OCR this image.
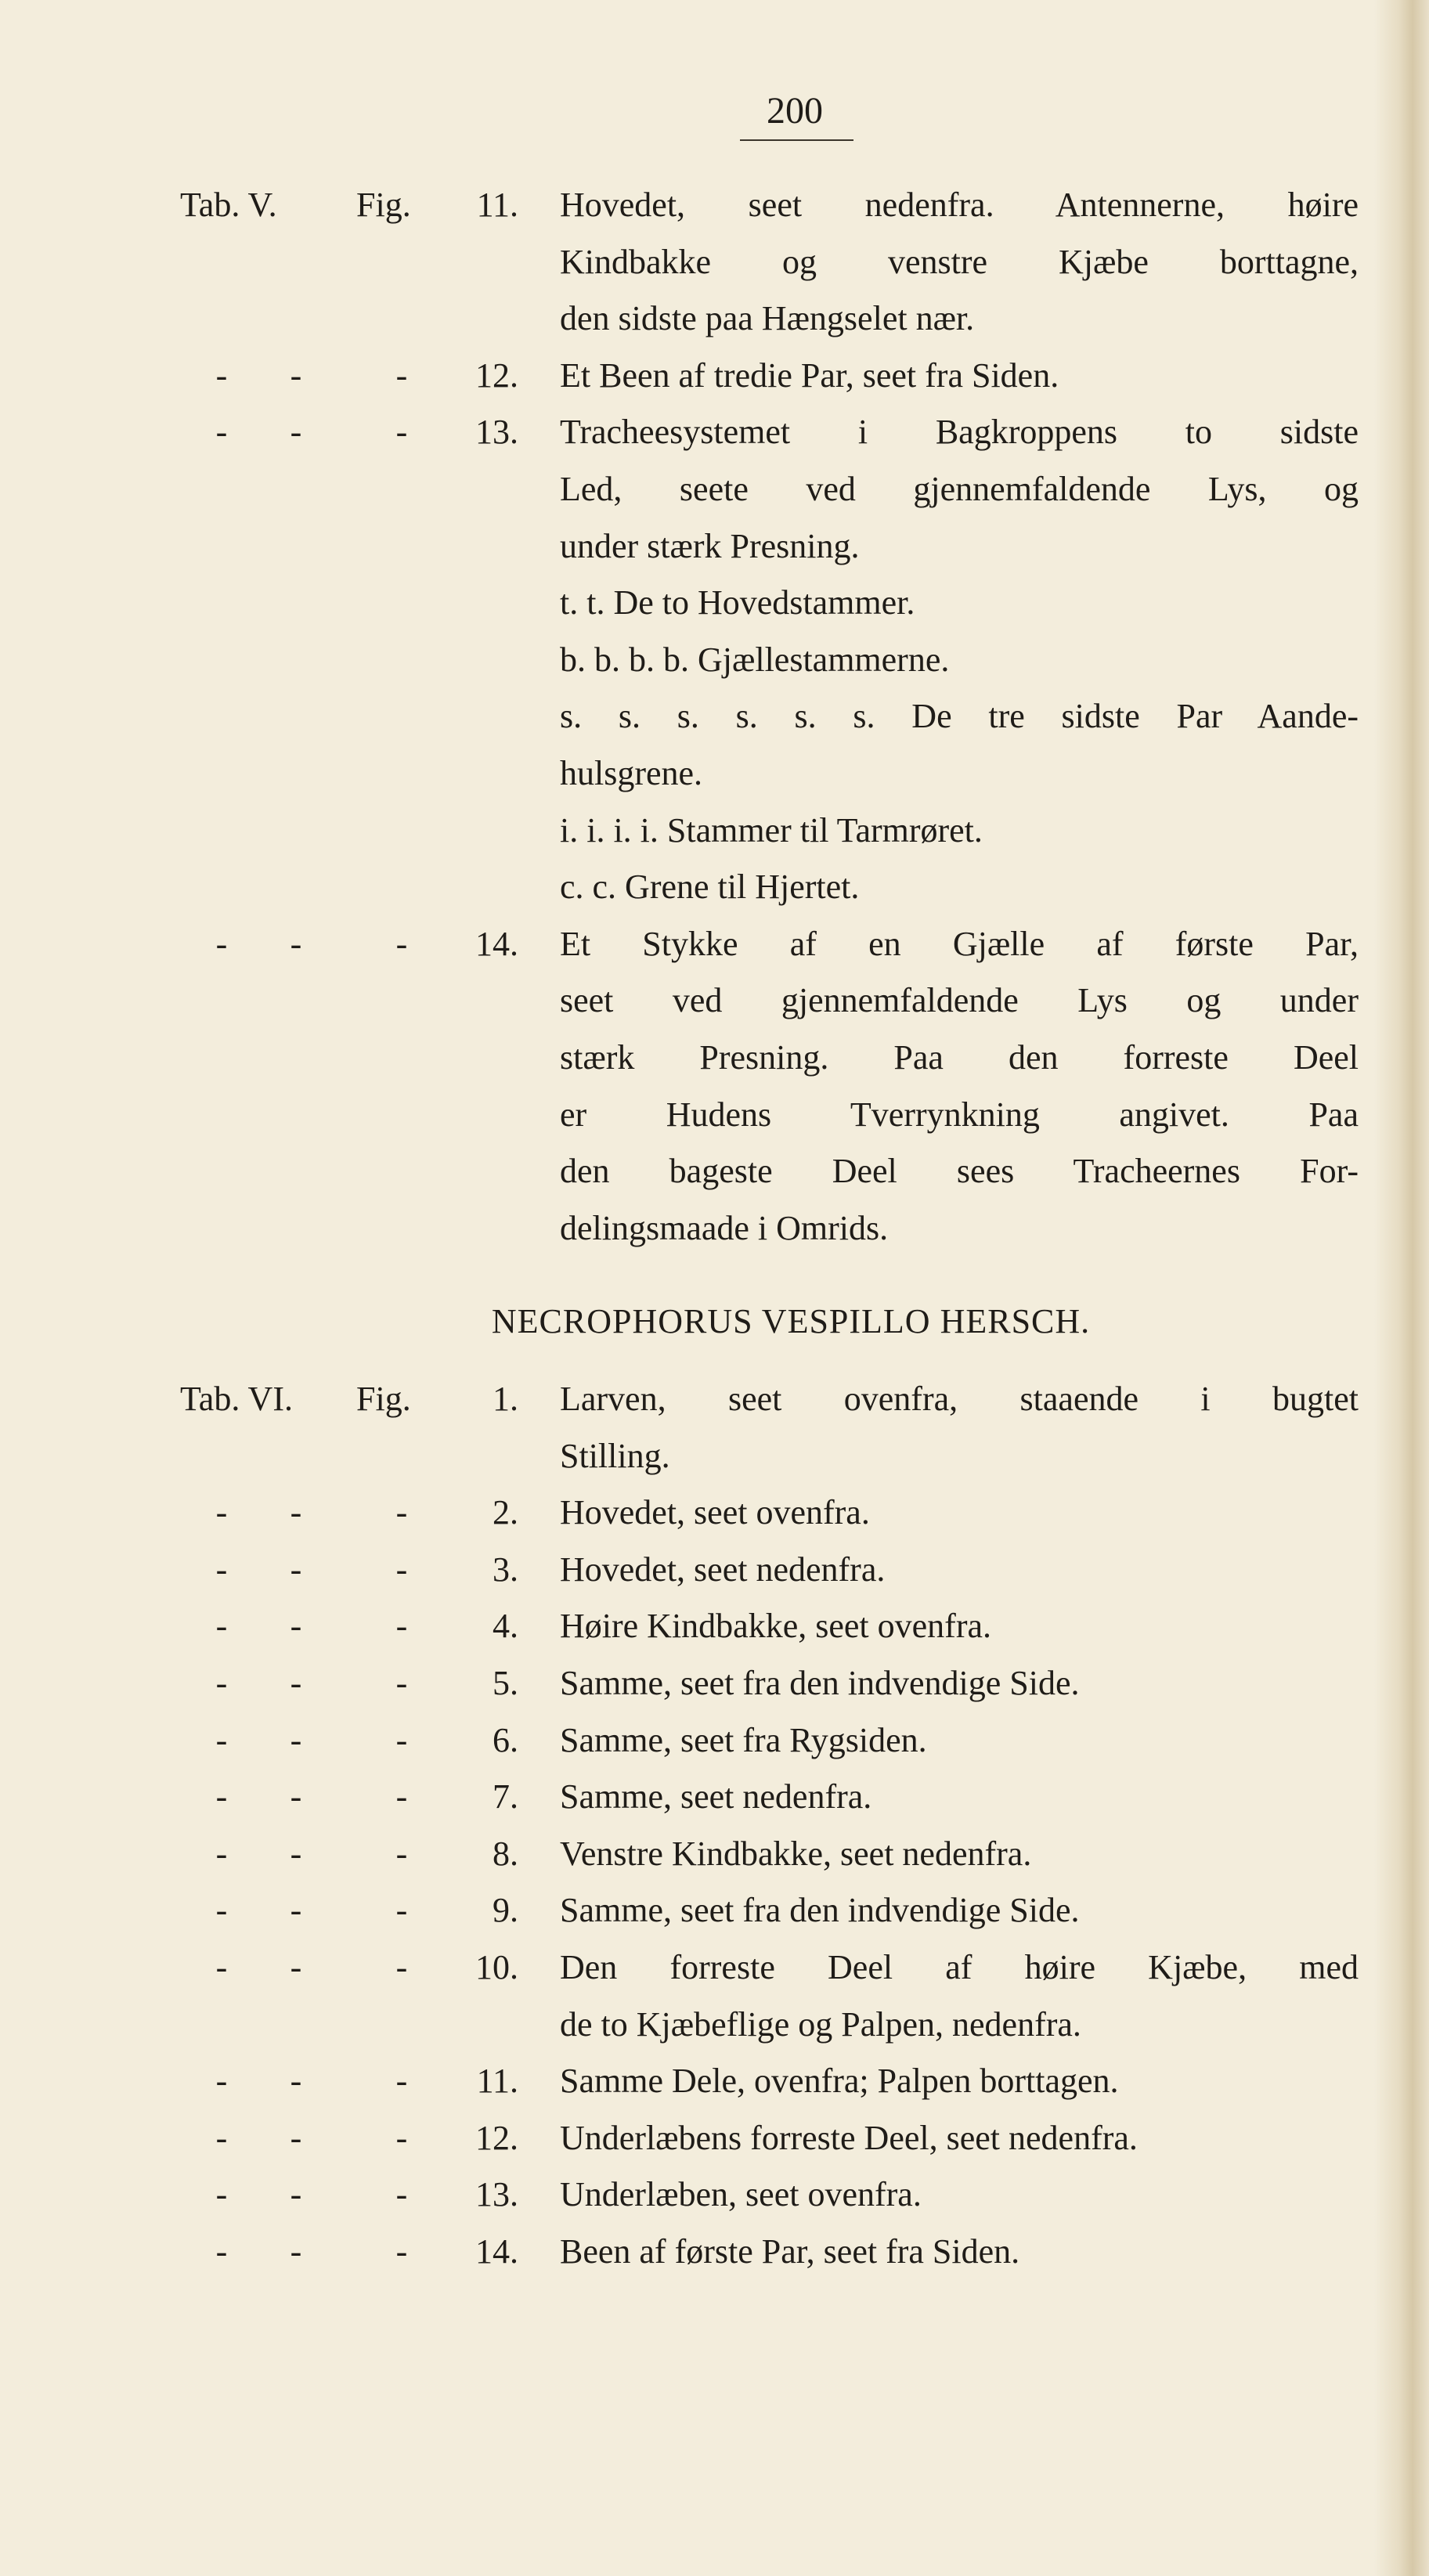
200
Tab. V.	Fig.	11. Hovedet, seet nedenfra. Antennerne, høire
Kindbakke og venstre Kjæbe borttagne,
den sidste paa Hængselet nær.
- -	-	12. Et Been af tredie Par, seet fra Siden.
- -	-	13. Tracheesystemet i Bagkroppens to sidste
Led, seete ved gjennemfaldende Lys, og
under stærk Presning.
t. t. De to Hovedstammer.
b. b. b. b. Gjællestammerne.
s. s. s. s. s. s. De tre sidste Par Aande-
hulsgrene.
i. i. i. i. Stammer til Tarmrøret.
c. c. Grene til Hjertet.
- -	-	14. Et Stykke af en Gjælle af første Par,
seet ved gjennemfaldende Lys og under
stærk Presning. Paa den forreste Deel
er Hudens Tverrynkning angivet. Paa
den bageste Deel sees Tracheernes For-
delingsmaade i Omrids.
NECROPHORUS VESPILLO HERSCH.
Tab. VI.	Fig.	1. Larven, seet ovenfra, staaende i bugtet
Stilling.
- -	-	2. Hovedet, seet ovenfra.
- -	-	3. Hovedet, seet nedenfra.
- -	-	4. Høire Kindbakke, seet ovenfra.
- -	-	5. Samme, seet fra den indvendige Side.
- -	-	6. Samme, seet fra Rygsiden.
- -	-	7. Samme, seet nedenfra.
- -	-	8. Venstre Kindbakke, seet nedenfra.
- -	-	9. Samme, seet fra den indvendige Side.
- -	-	10. Den forreste Deel af høire Kjæbe, med
de to Kjæbeflige og Palpen, nedenfra.
- -	-	11. Samme Dele, ovenfra; Palpen borttagen.
- -	-	12. Underlæbens forreste Deel, seet nedenfra.
- -	-	13. Underlæben, seet ovenfra.
- -	-	14. Been af første Par, seet fra Siden.
